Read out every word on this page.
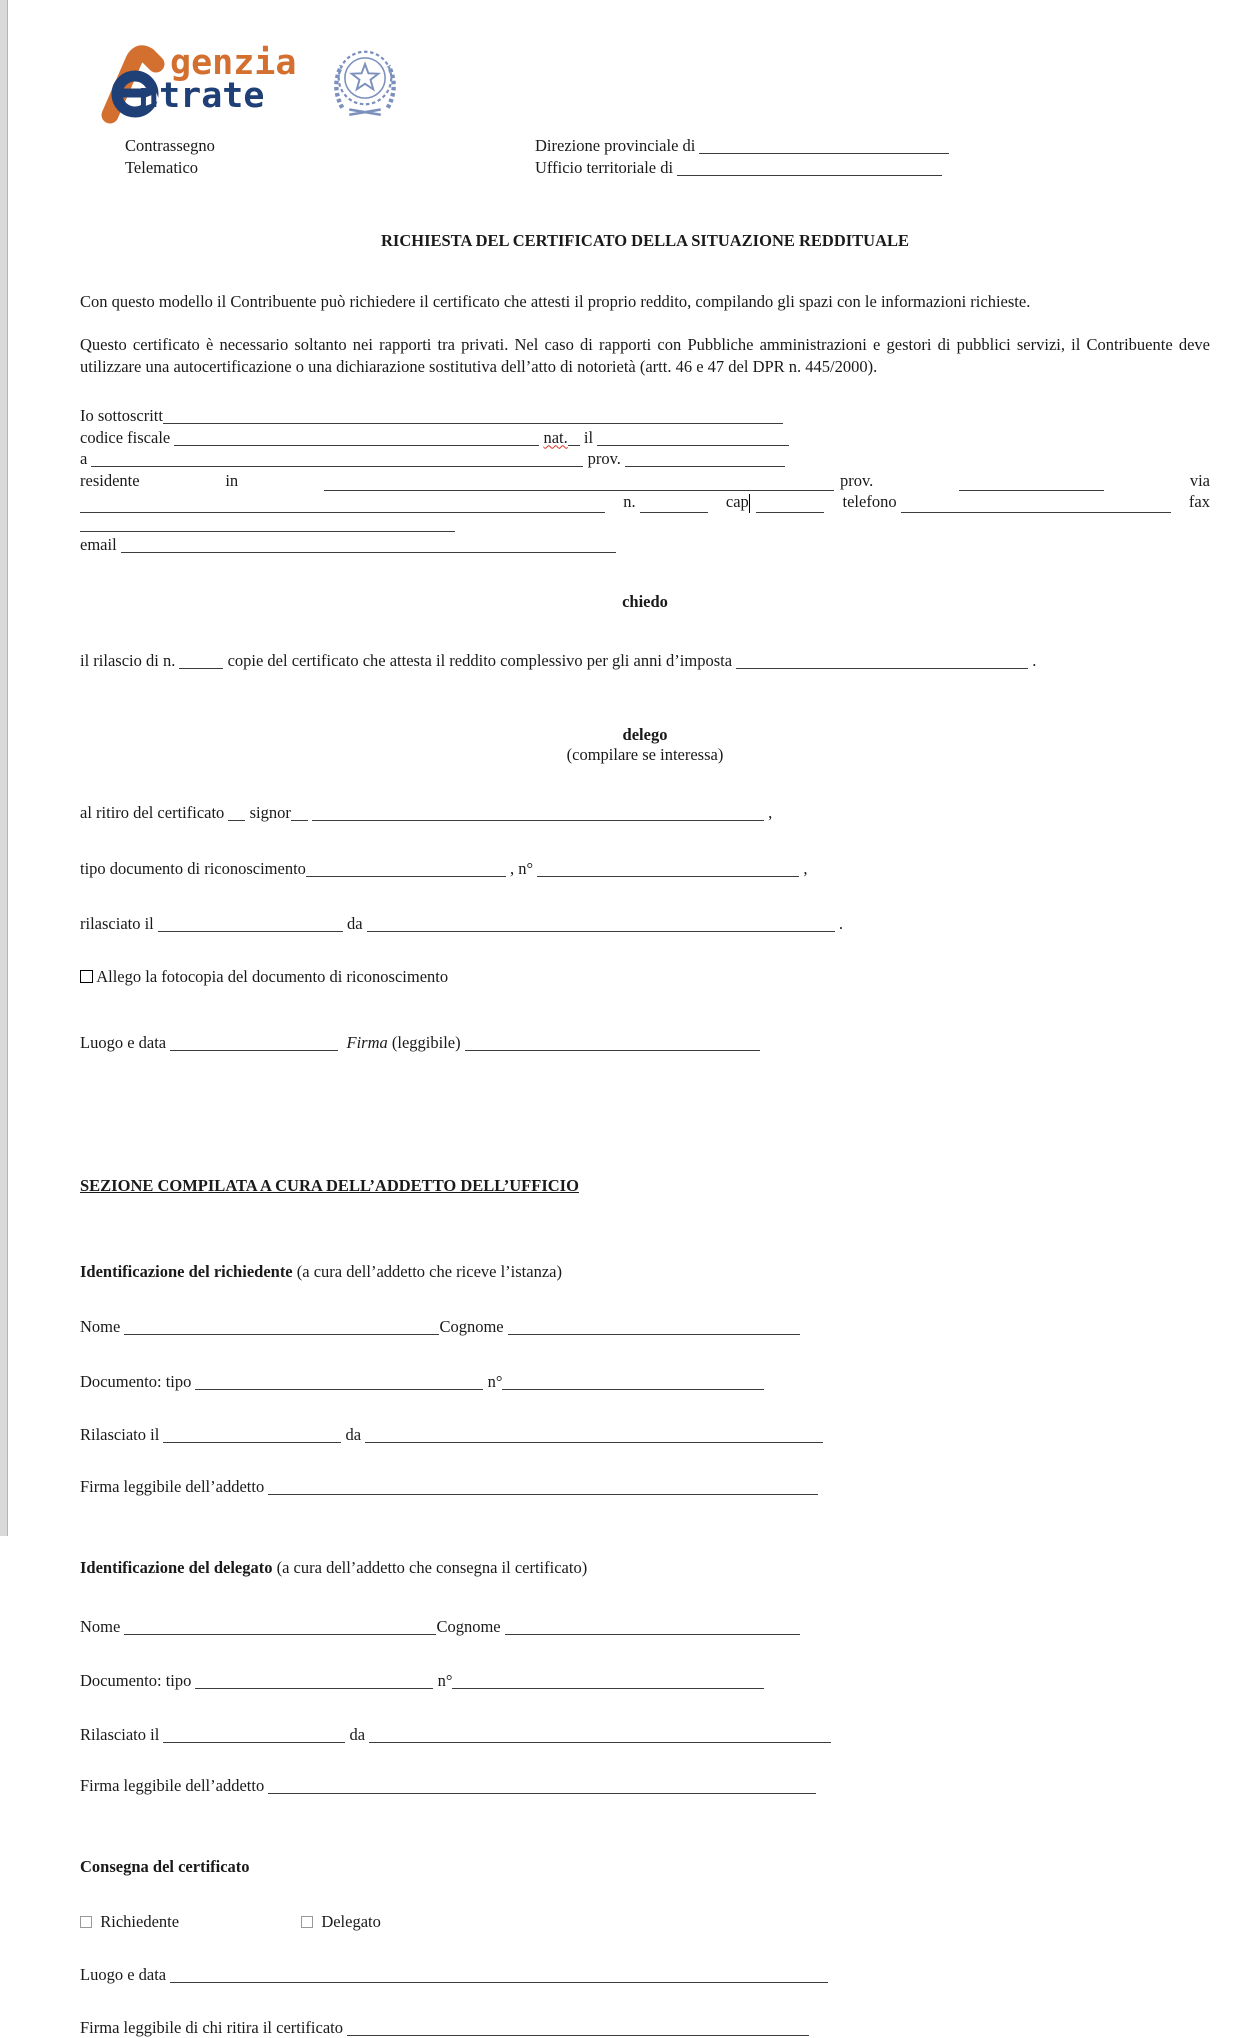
genzia
ntrate
Contrassegno
Telematico
Direzione provinciale di
Ufficio territoriale di
RICHIESTA DEL CERTIFICATO DELLA SITUAZIONE REDDITUALE
Con questo modello il Contribuente può richiedere il certificato che attesti il proprio reddito, compilando gli spazi con le informazioni richieste.
Questo certificato è necessario soltanto nei rapporti tra privati. Nel caso di rapporti con Pubbliche amministrazioni e gestori di pubblici servizi, il Contribuente deve utilizzare una autocertificazione o una dichiarazione sostitutiva dell’atto di notorietà (artt. 46 e 47 del DPR n. 445/2000).
Io sottoscritt
codice fiscale	nat. il
a	prov.
residente	in	prov.	via
n.	cap	telefono	fax
email
chiedo
il rilascio di n.	copie del certificato che attesta il reddito complessivo per gli anni d’imposta	.
delego
(compilare se interessa)
al ritiro del certificato  signor	,
tipo documento di riconoscimento	, n°	,
rilasciato il	da	.
Allego la fotocopia del documento di riconoscimento
Luogo e data	Firma (leggibile)
SEZIONE COMPILATA A CURA DELL’ADDETTO DELL’UFFICIO
Identificazione del richiedente (a cura dell’addetto che riceve l’istanza)
Nome	Cognome
Documento: tipo	n°
Rilasciato il	da
Firma leggibile dell’addetto
Identificazione del delegato (a cura dell’addetto che consegna il certificato)
Nome	Cognome
Documento: tipo	n°
Rilasciato il	da
Firma leggibile dell’addetto
Consegna del certificato
Richiedente	Delegato
Luogo e data
Firma leggibile di chi ritira il certificato
